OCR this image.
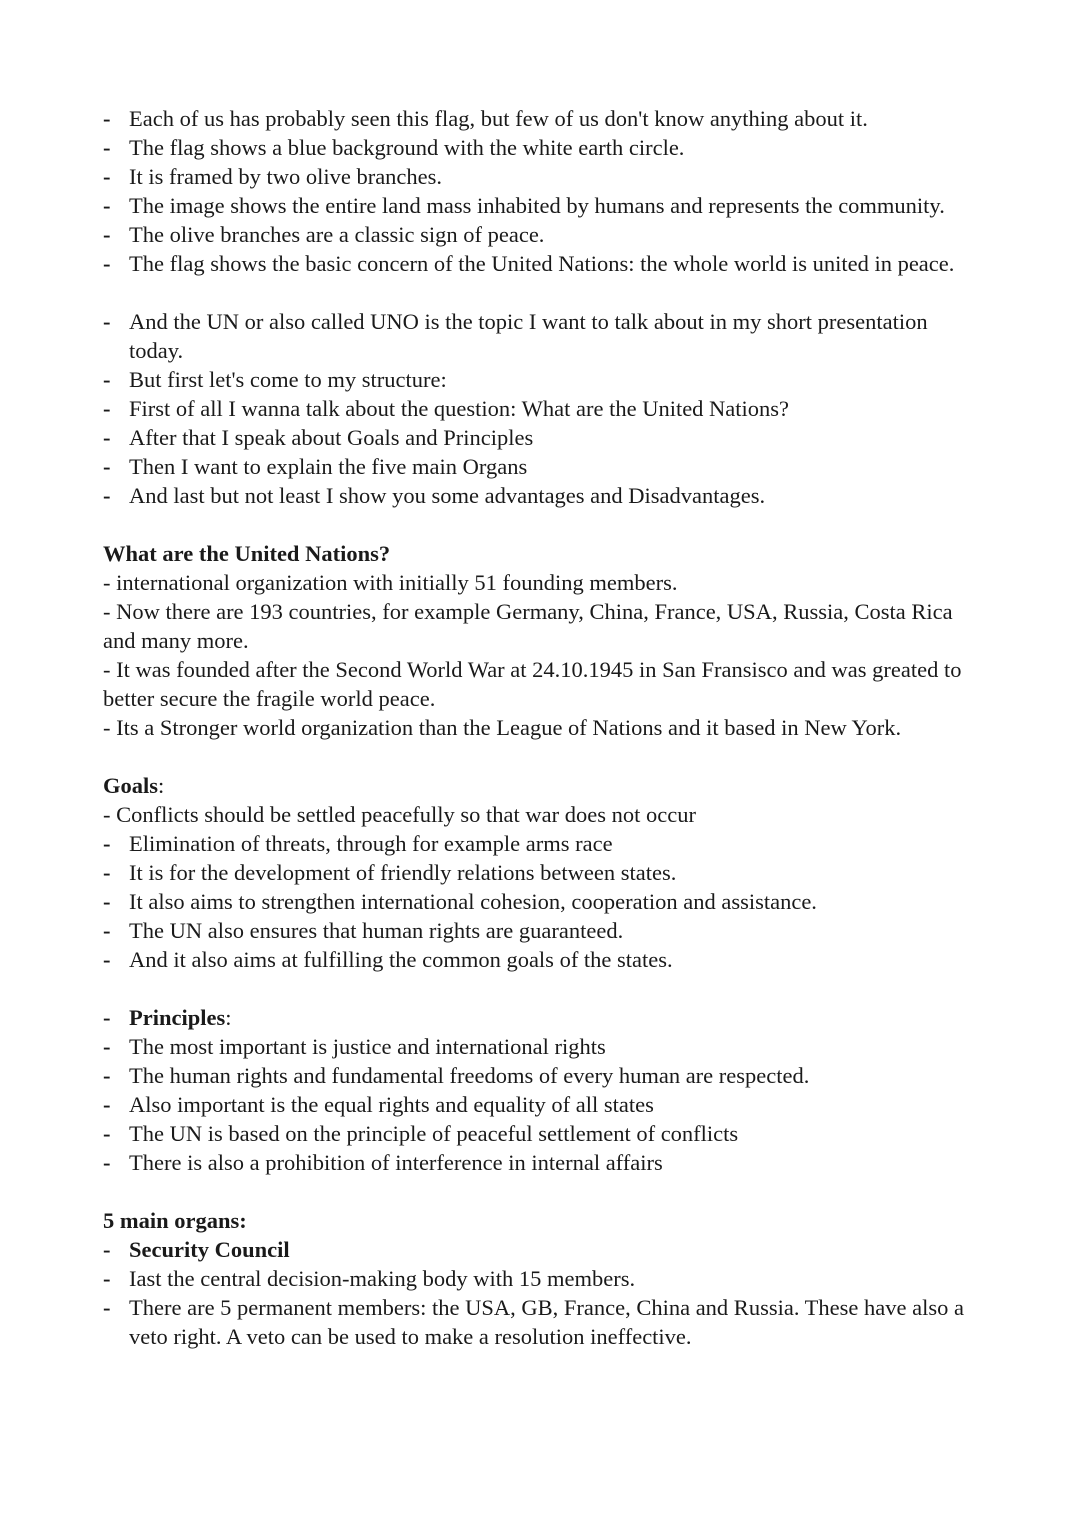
- Each of us has probably seen this flag, but few of us don't know anything about it.
- The flag shows a blue background with the white earth circle.
- It is framed by two olive branches.
- The image shows the entire land mass inhabited by humans and represents the community.
- The olive branches are a classic sign of peace.
- The flag shows the basic concern of the United Nations: the whole world is united in peace.
- And the UN or also called UNO is the topic I want to talk about in my short presentation today.
- But first let's come to my structure:
- First of all I wanna talk about the question: What are the United Nations?
- After that I speak about Goals and Principles
- Then I want to explain the five main Organs
- And last but not least I show you some advantages and Disadvantages.

What are the United Nations?

- international organization with initially 51 founding members.

- Now there are 193 countries, for example Germany, China, France, USA, Russia, Costa Rica and many more.

- It was founded after the Second World War at 24.10.1945 in San Fransisco and was greated to better secure the fragile world peace.

- Its a Stronger world organization than the League of Nations and it based in New York.

Goals:

- Conflicts should be settled peacefully so that war does not occur

- Elimination of threats, through for example arms race
- It is for the development of friendly relations between states.
- It also aims to strengthen international cohesion, cooperation and assistance.
- The UN also ensures that human rights are guaranteed.
- And it also aims at fulfilling the common goals of the states.
- Principles:
- The most important is justice and international rights
- The human rights and fundamental freedoms of every human are respected.
- Also important is the equal rights and equality of all states
- The UN is based on the principle of peaceful settlement of conflicts
- There is also a prohibition of interference in internal affairs

5 main organs:

- Security Council
- Iast the central decision-making body with 15 members.
- There are 5 permanent members: the USA, GB, France, China and Russia. These have also a veto right. A veto can be used to make a resolution ineffective.
